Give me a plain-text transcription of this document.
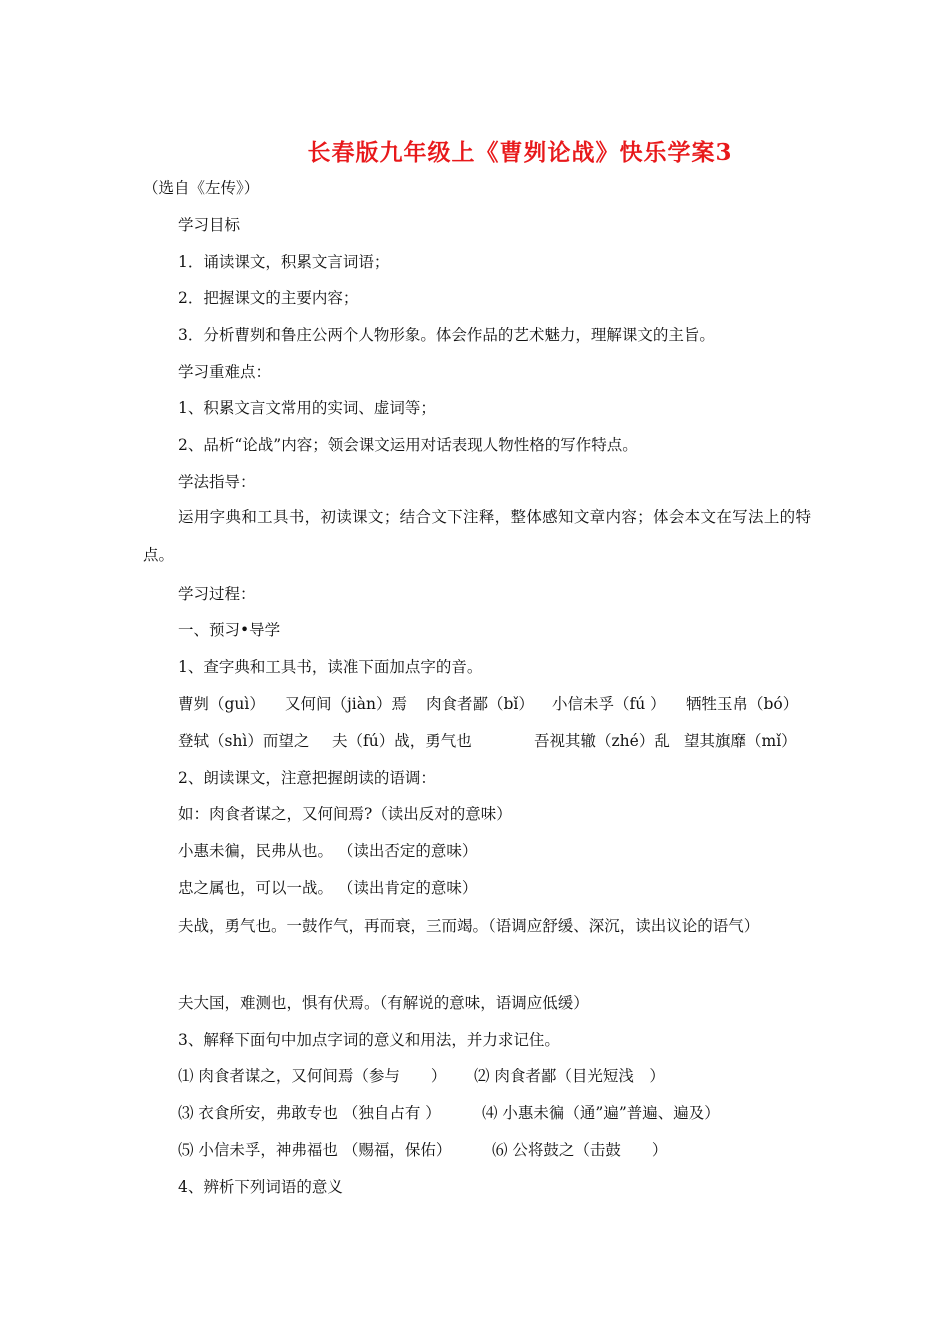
长春版九年级上《曹刿论战》快乐学案3
（选自《左传》）
学习目标
1．诵读课文，积累文言词语；
2．把握课文的主要内容；
3．分析曹刿和鲁庄公两个人物形象。体会作品的艺术魅力，理解课文的主旨。
学习重难点：
1、积累文言文常用的实词、虚词等；
2、品析“论战”内容；领会课文运用对话表现人物性格的写作特点。
学法指导：
运用字典和工具书，初读课文；结合文下注释，整体感知文章内容；体会本文在写法上的特点。
学习过程：
一、预习•导学
1、查字典和工具书，读准下面加点字的音。
曹刿（guì） 又何间（jiàn）焉 肉食者鄙（bǐ） 小信未孚（fú ） 牺牲玉帛（bó）
登轼（shì）而望之 夫（fú）战，勇气也	吾视其辙（zhé）乱 望其旗靡（mǐ）
2、朗读课文，注意把握朗读的语调：
如：肉食者谋之，又何间焉?（读出反对的意味）
小惠未徧，民弗从也。 （读出否定的意味）
忠之属也，可以一战。 （读出肯定的意味）
夫战，勇气也。一鼓作气，再而衰，三而竭。（语调应舒缓、深沉，读出议论的语气）
夫大国，难测也，惧有伏焉。（有解说的意味，语调应低缓）
3、解释下面句中加点字词的意义和用法，并力求记住。
⑴ 肉食者谋之，又何间焉（参与　　） ⑵ 肉食者鄙（目光短浅　）
⑶ 衣食所安，弗敢专也 （独自占有 ）	⑷ 小惠未徧（通”遍”普遍、遍及）
⑸ 小信未孚，神弗福也 （赐福，保佑）	⑹ 公将鼓之（击鼓　　）
4、辨析下列词语的意义
